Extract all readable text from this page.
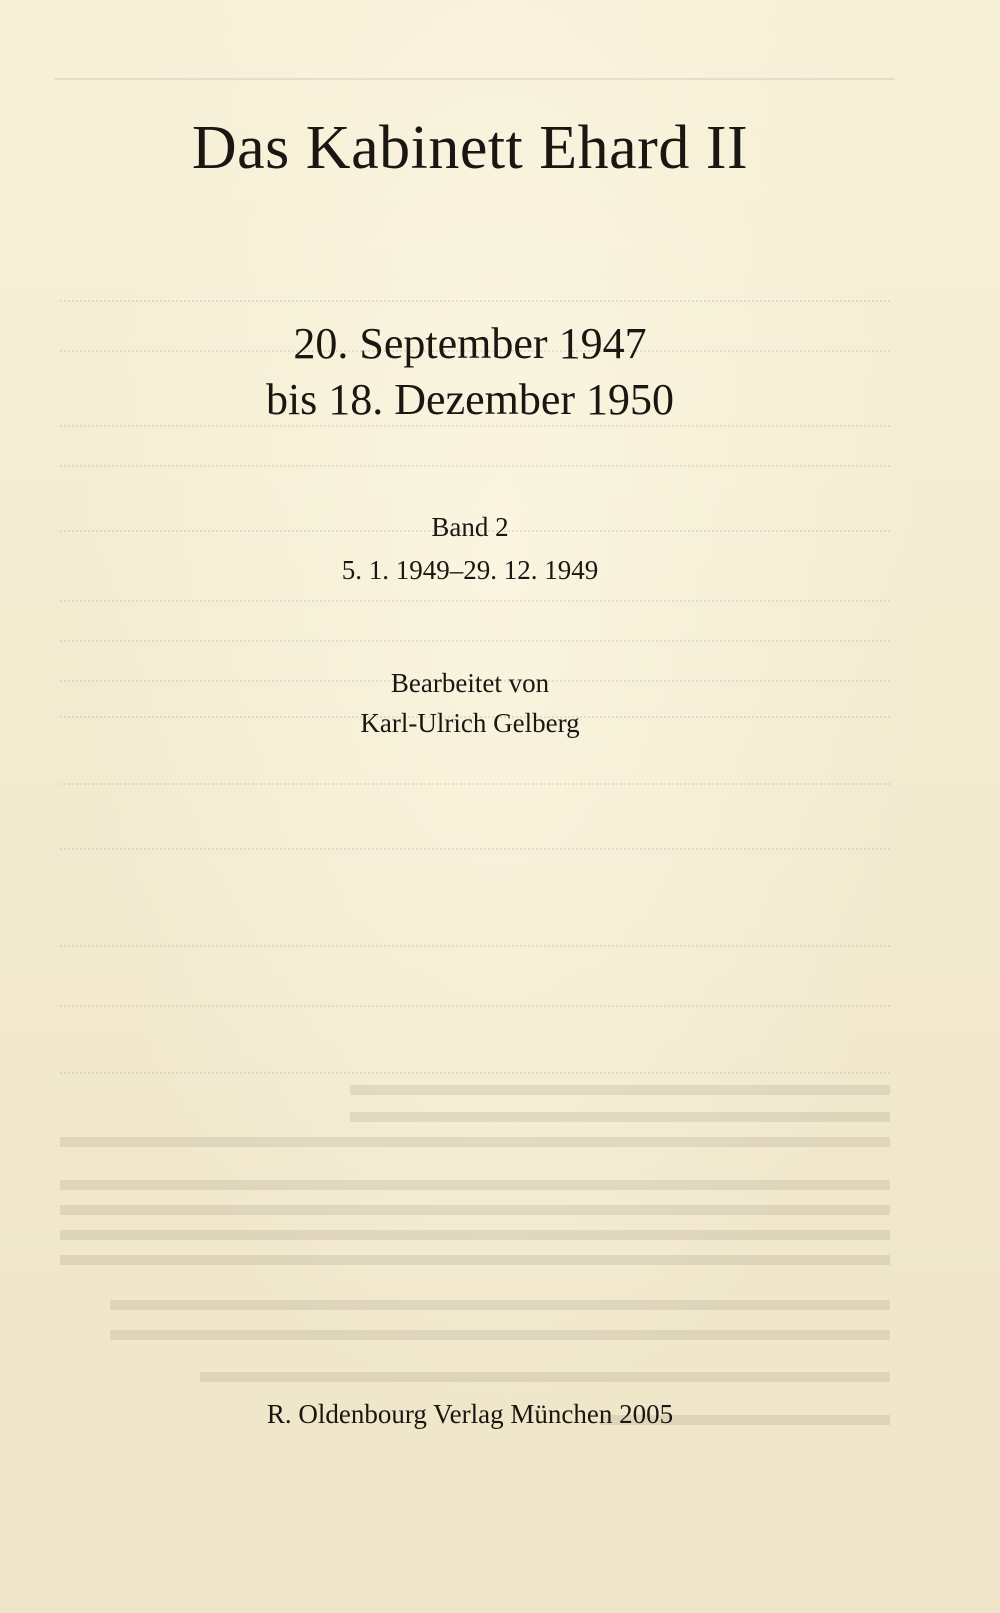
Das Kabinett Ehard II
20. September 1947
bis 18. Dezember 1950
Band 2
5. 1. 1949–29. 12. 1949
Bearbeitet von
Karl-Ulrich Gelberg
R. Oldenbourg Verlag München 2005
